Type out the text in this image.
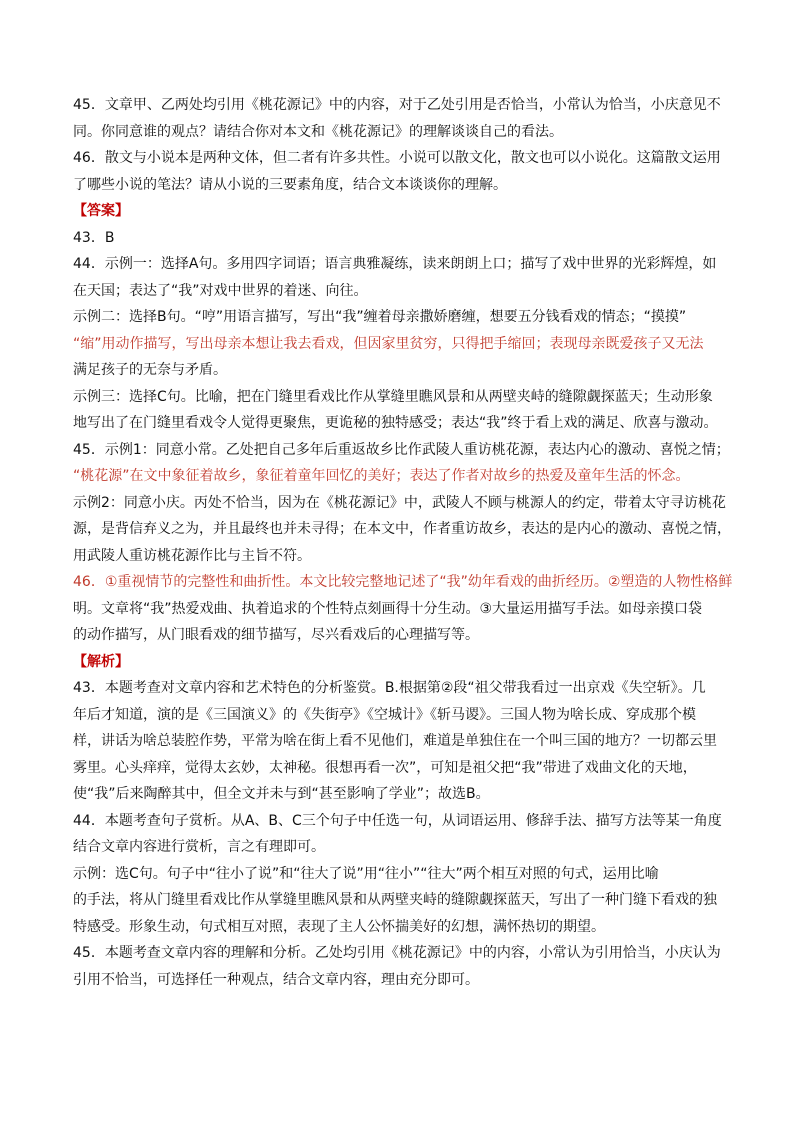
45．文章甲、乙两处均引用《桃花源记》中的内容，对于乙处引用是否恰当，小常认为恰当，小庆意见不
同。你同意谁的观点？请结合你对本文和《桃花源记》的理解谈谈自己的看法。

46．散文与小说本是两种文体，但二者有许多共性。小说可以散文化，散文也可以小说化。这篇散文运用
了哪些小说的笔法？请从小说的三要素角度，结合文本谈谈你的理解。

【答案】

43．B

44．示例一：选择A句。多用四字词语；语言典雅凝练，读来朗朗上口；描写了戏中世界的光彩辉煌，如
在天国；表达了“我”对戏中世界的着迷、向往。

示例二：选择B句。“哼”用语言描写，写出“我”缠着母亲撒娇磨缠，想要五分钱看戏的情态；“摸摸”
“缩”用动作描写，写出母亲本想让我去看戏，但因家里贫穷，只得把手缩回；表现母亲既爱孩子又无法
满足孩子的无奈与矛盾。

示例三：选择C句。比喻，把在门缝里看戏比作从掌缝里瞧风景和从两壁夹峙的缝隙觑探蓝天；生动形象
地写出了在门缝里看戏令人觉得更聚焦，更诡秘的独特感受；表达“我”终于看上戏的满足、欣喜与激动。

45．示例1：同意小常。乙处把自己多年后重返故乡比作武陵人重访桃花源，表达内心的激动、喜悦之情；
“桃花源”在文中象征着故乡，象征着童年回忆的美好；表达了作者对故乡的热爱及童年生活的怀念。

示例2：同意小庆。丙处不恰当，因为在《桃花源记》中，武陵人不顾与桃源人的约定，带着太守寻访桃花
源，是背信弃义之为，并且最终也并未寻得；在本文中，作者重访故乡，表达的是内心的激动、喜悦之情，
用武陵人重访桃花源作比与主旨不符。

46．①重视情节的完整性和曲折性。本文比较完整地记述了“我”幼年看戏的曲折经历。②塑造的人物性格鲜
明。文章将“我”热爱戏曲、执着追求的个性特点刻画得十分生动。③大量运用描写手法。如母亲摸口袋
的动作描写，从门眼看戏的细节描写，尽兴看戏后的心理描写等。

【解析】

43．本题考查对文章内容和艺术特色的分析鉴赏。B.根据第②段“祖父带我看过一出京戏《失空斩》。几
年后才知道，演的是《三国演义》的《失街亭》《空城计》《斩马谡》。三国人物为啥长成、穿成那个模
样，讲话为啥总装腔作势，平常为啥在街上看不见他们，难道是单独住在一个叫三国的地方？一切都云里
雾里。心头痒痒，觉得太玄妙，太神秘。很想再看一次”，可知是祖父把“我”带进了戏曲文化的天地，
使“我”后来陶醉其中，但全文并未与到“甚至影响了学业”；故选B。

44．本题考查句子赏析。从A、B、C三个句子中任选一句，从词语运用、修辞手法、描写方法等某一角度
结合文章内容进行赏析，言之有理即可。

示例：选C句。句子中“往小了说”和“往大了说”用“往小”“往大”两个相互对照的句式，运用比喻
的手法，将从门缝里看戏比作从掌缝里瞧风景和从两壁夹峙的缝隙觑探蓝天，写出了一种门缝下看戏的独
特感受。形象生动，句式相互对照，表现了主人公怀揣美好的幻想，满怀热切的期望。

45．本题考查文章内容的理解和分析。乙处均引用《桃花源记》中的内容，小常认为引用恰当，小庆认为
引用不恰当，可选择任一种观点，结合文章内容，理由充分即可。
